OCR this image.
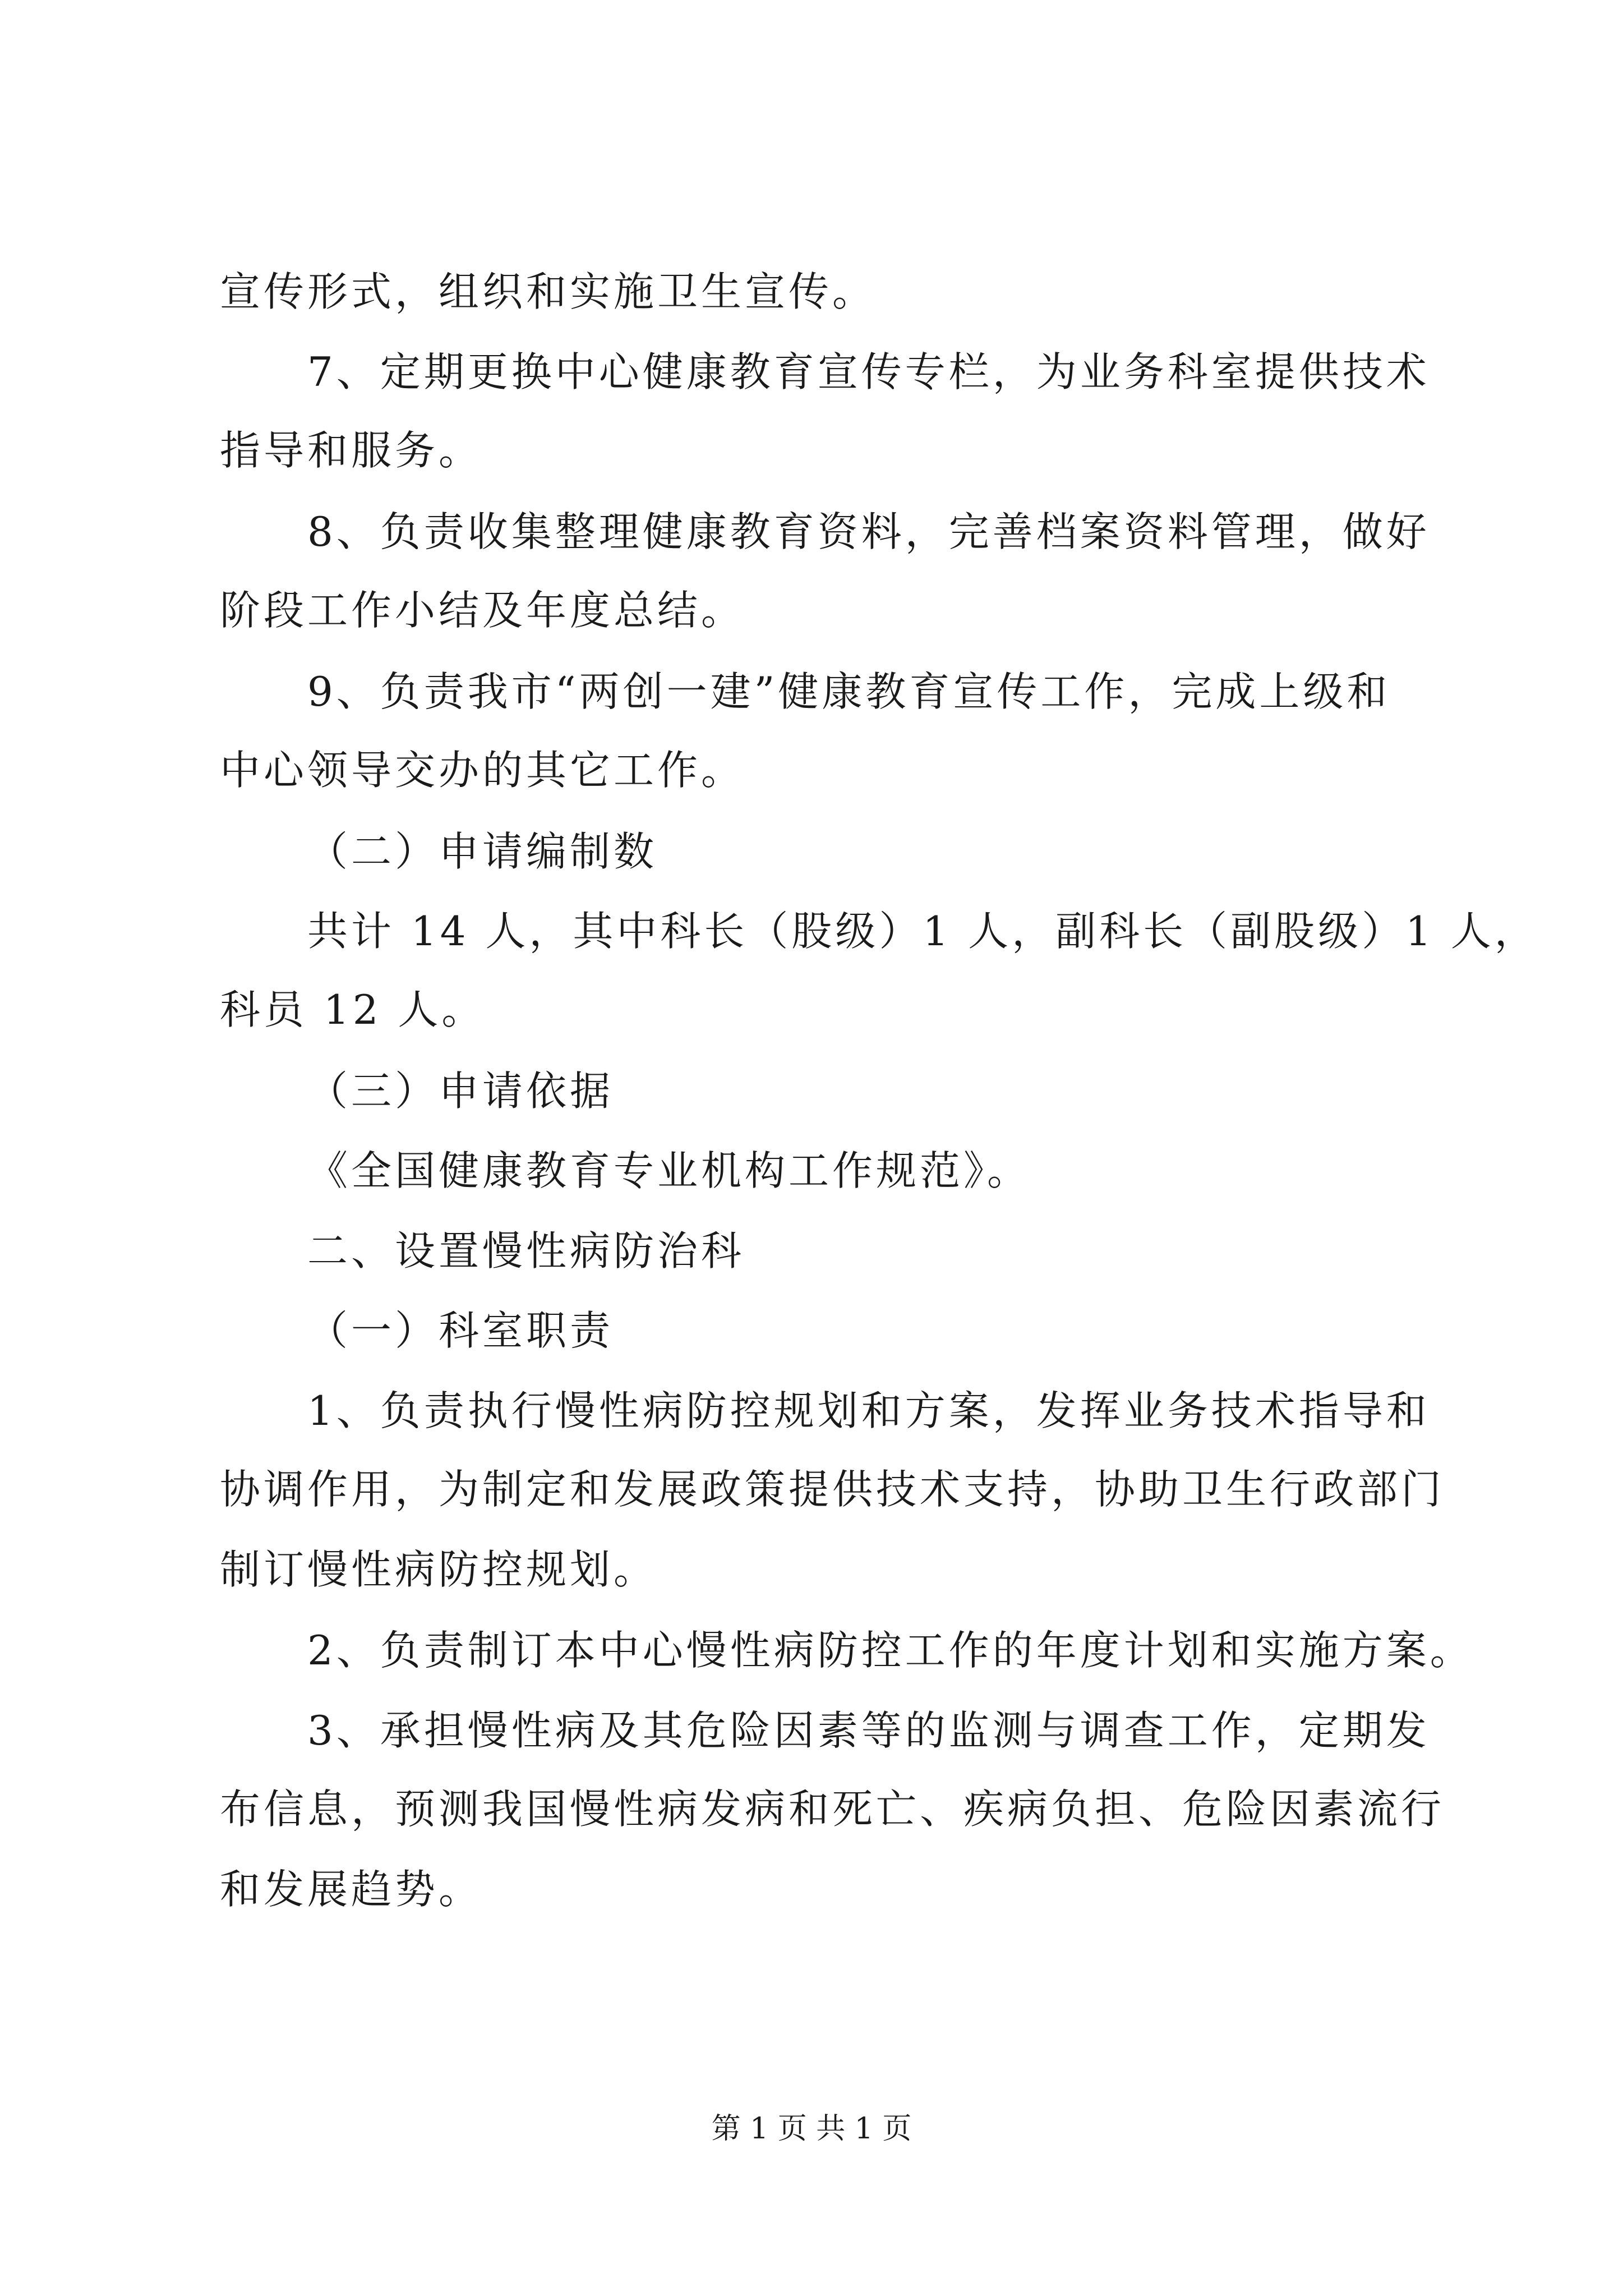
宣传形式，组织和实施卫生宣传。
7、定期更换中心健康教育宣传专栏，为业务科室提供技术
指导和服务。
8、负责收集整理健康教育资料，完善档案资料管理，做好
阶段工作小结及年度总结。
9、负责我市“两创一建”健康教育宣传工作，完成上级和
中心领导交办的其它工作。
（二）申请编制数
共计 14 人，其中科长（股级）1 人，副科长（副股级）1 人，
科员 12 人。
（三）申请依据
《全国健康教育专业机构工作规范》。
二、设置慢性病防治科
（一）科室职责
1、负责执行慢性病防控规划和方案，发挥业务技术指导和
协调作用，为制定和发展政策提供技术支持，协助卫生行政部门
制订慢性病防控规划。
2、负责制订本中心慢性病防控工作的年度计划和实施方案。
3、承担慢性病及其危险因素等的监测与调查工作，定期发
布信息，预测我国慢性病发病和死亡、疾病负担、危险因素流行
和发展趋势。
第 1 页 共 1 页
